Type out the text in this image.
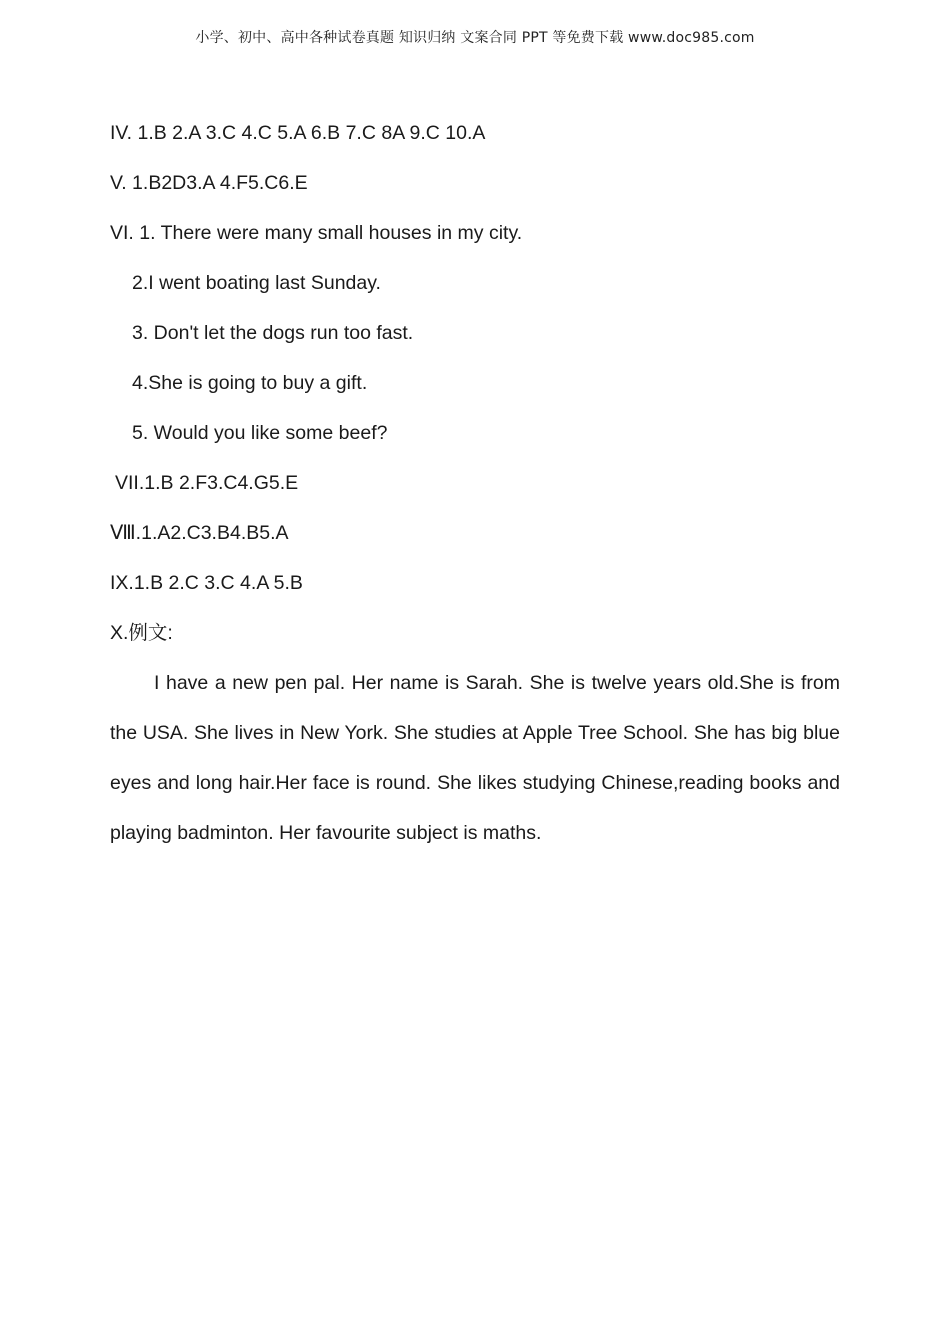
小学、初中、高中各种试卷真题 知识归纳 文案合同 PPT 等免费下载 www.doc985.com
IV. 1.B 2.A 3.C 4.C 5.A 6.B 7.C 8A 9.C 10.A
V. 1.B2D3.A 4.F5.C6.E
VI. 1. There were many small houses in my city.
2.I went boating last Sunday.
3. Don't let the dogs run too fast.
4.She is going to buy a gift.
5. Would you like some beef?
VII.1.B 2.F3.C4.G5.E
Ⅷ.1.A2.C3.B4.B5.A
IX.1.B 2.C 3.C 4.A 5.B
X.例文:

I have a new pen pal. Her name is Sarah. She is twelve years old.She is from the USA. She lives in New York. She studies at Apple Tree School. She has big blue eyes and long hair.Her face is round. She likes studying Chinese,reading books and playing badminton. Her favourite subject is maths.
